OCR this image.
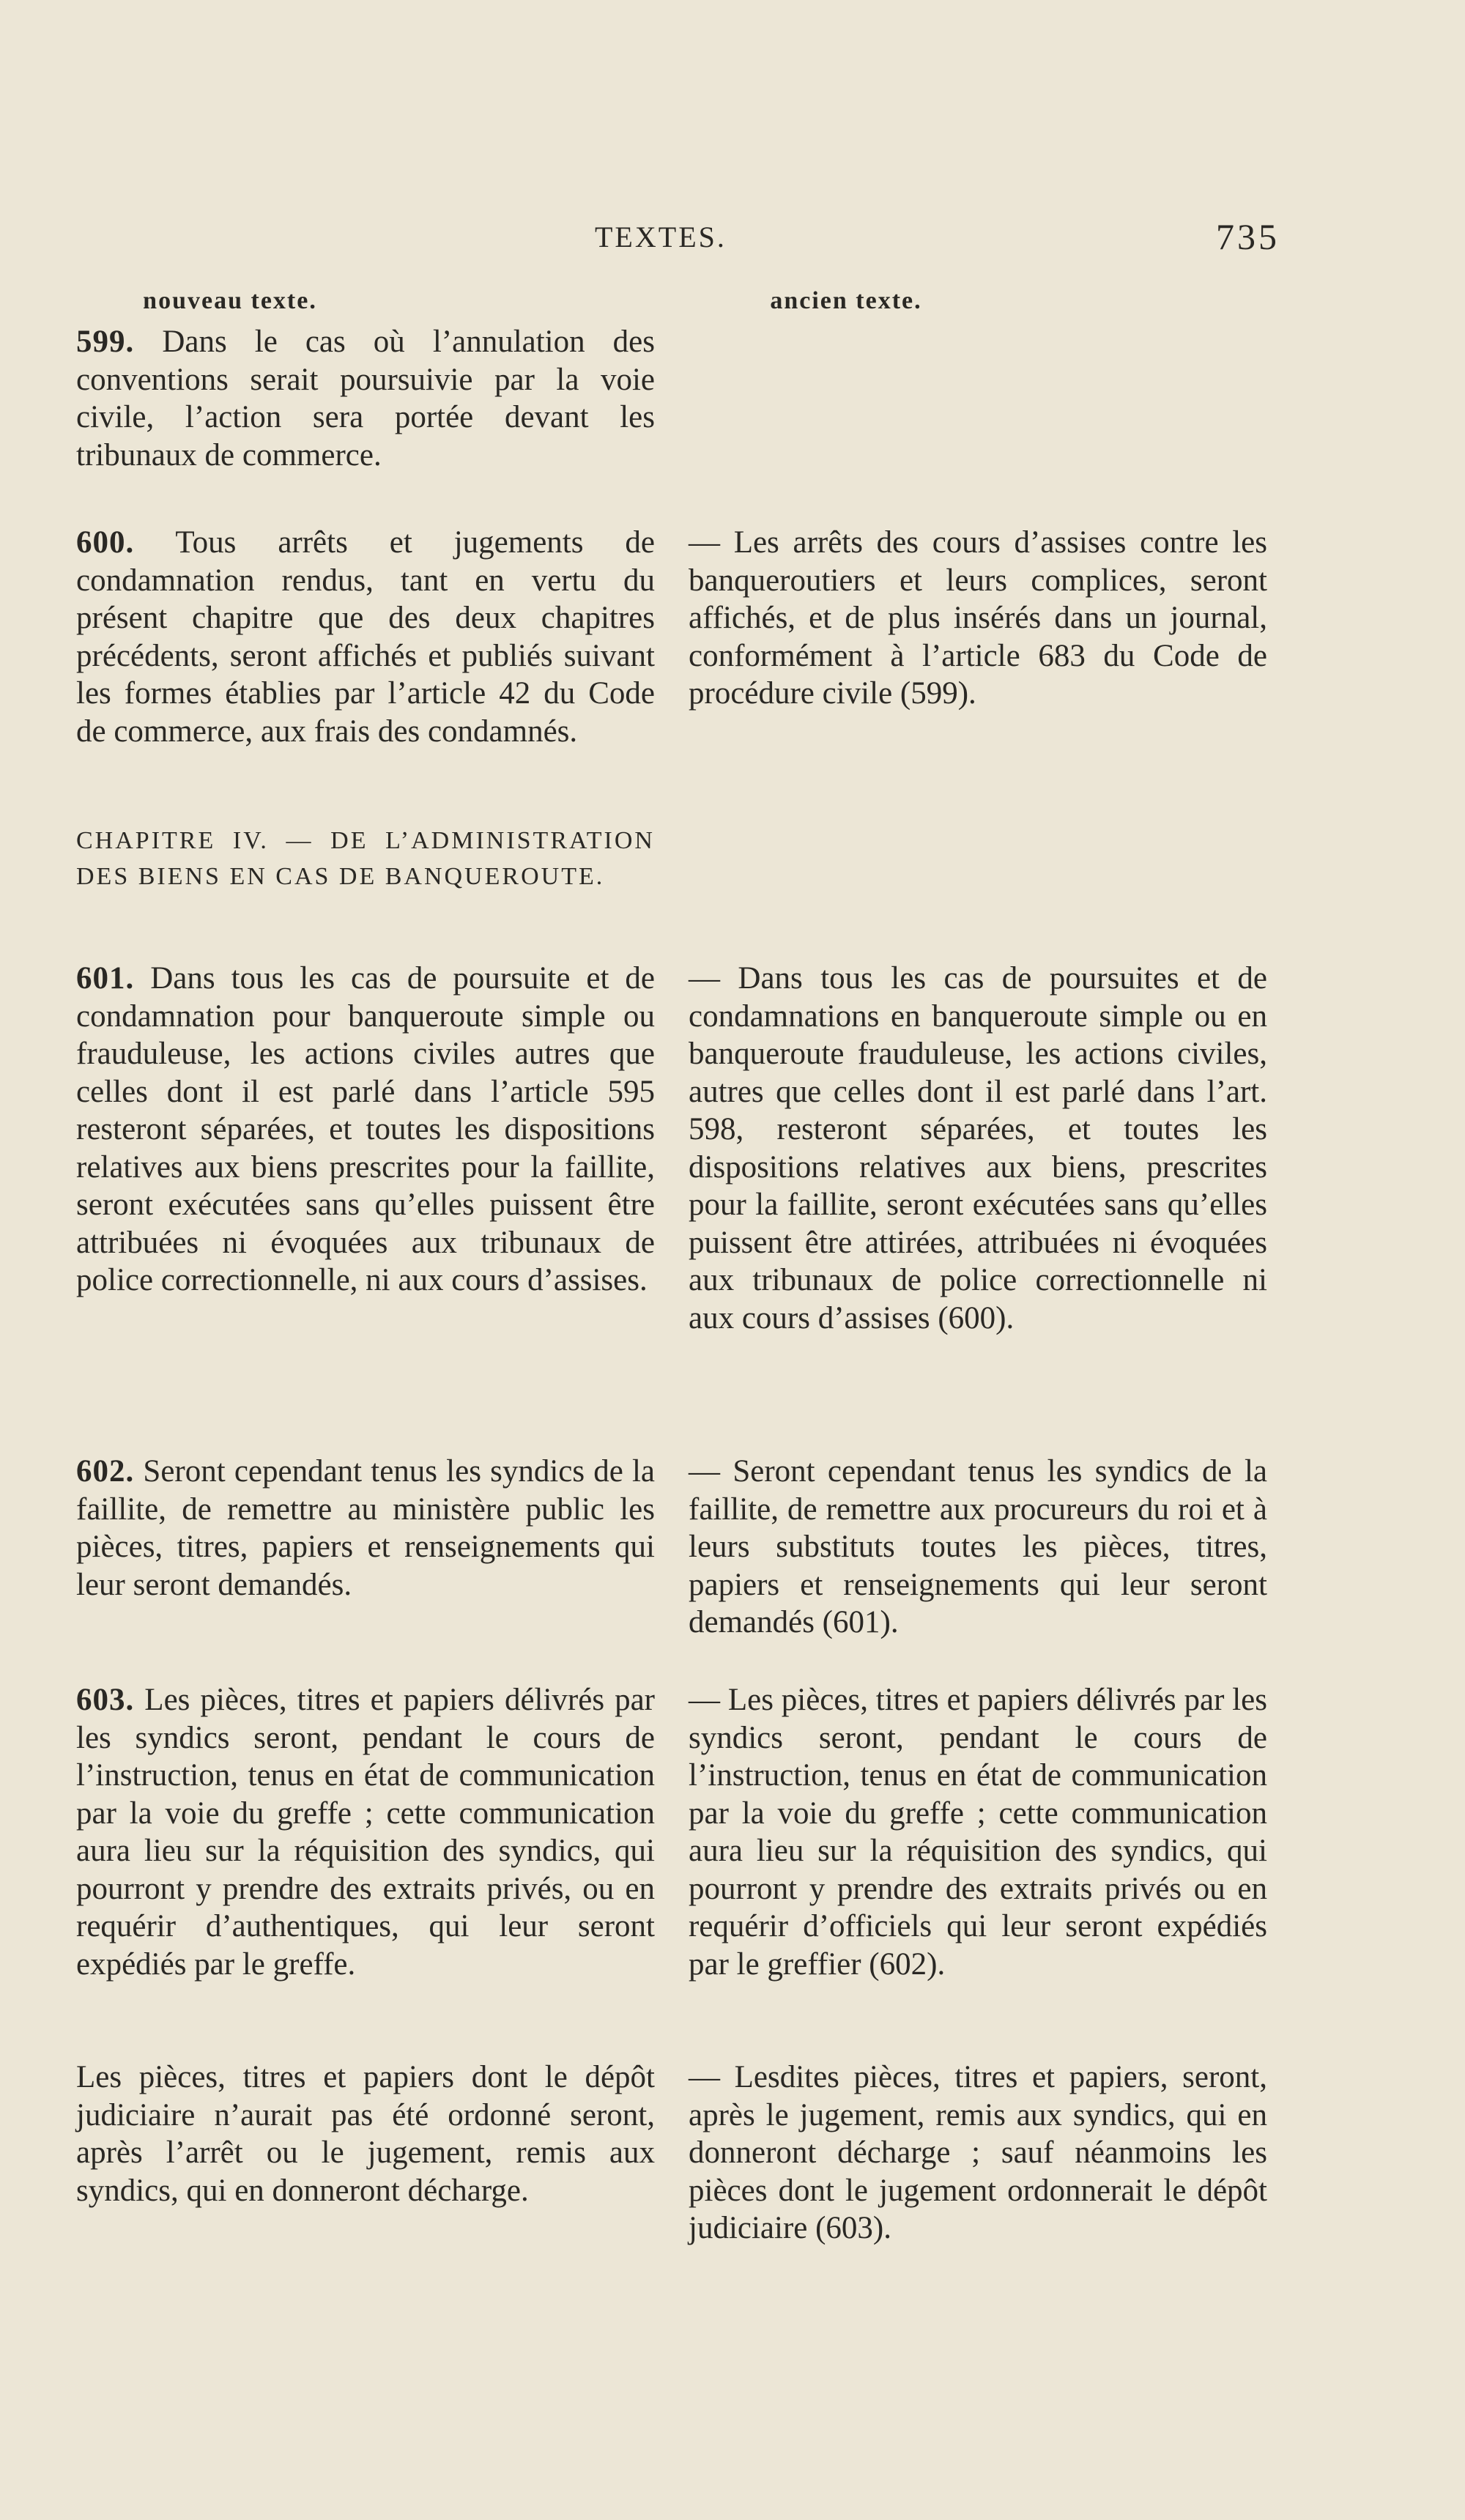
TEXTES.	735
nouveau texte.
599. Dans le cas où l’annulation des conventions serait poursuivie par la voie civile, l’action sera portée devant les tribunaux de commerce.
600. Tous arrêts et jugements de condamnation rendus, tant en vertu du présent chapitre que des deux chapitres précédents, seront affichés et publiés suivant les formes établies par l’article 42 du Code de commerce, aux frais des condamnés.
CHAPITRE IV. — DE L’ADMINISTRATION DES BIENS EN CAS DE BANQUEROUTE.
601. Dans tous les cas de poursuite et de condamnation pour banqueroute simple ou frauduleuse, les actions civiles autres que celles dont il est parlé dans l’article 595 resteront séparées, et toutes les dispositions relatives aux biens prescrites pour la faillite, seront exécutées sans qu’elles puissent être attribuées ni évoquées aux tribunaux de police correctionnelle, ni aux cours d’assises.
602. Seront cependant tenus les syndics de la faillite, de remettre au ministère public les pièces, titres, papiers et renseignements qui leur seront demandés.
603. Les pièces, titres et papiers délivrés par les syndics seront, pendant le cours de l’instruction, tenus en état de communication par la voie du greffe ; cette communication aura lieu sur la réquisition des syndics, qui pourront y prendre des extraits privés, ou en requérir d’authentiques, qui leur seront expédiés par le greffe.
Les pièces, titres et papiers dont le dépôt judiciaire n’aurait pas été ordonné seront, après l’arrêt ou le jugement, remis aux syndics, qui en donneront décharge.
ancien texte.
— Les arrêts des cours d’assises contre les banqueroutiers et leurs complices, seront affichés, et de plus insérés dans un journal, conformément à l’article 683 du Code de procédure civile (599).
— Dans tous les cas de poursuites et de condamnations en banqueroute simple ou en banqueroute frauduleuse, les actions civiles, autres que celles dont il est parlé dans l’art. 598, resteront séparées, et toutes les dispositions relatives aux biens, prescrites pour la faillite, seront exécutées sans qu’elles puissent être attirées, attribuées ni évoquées aux tribunaux de police correctionnelle ni aux cours d’assises (600).
— Seront cependant tenus les syndics de la faillite, de remettre aux procureurs du roi et à leurs substituts toutes les pièces, titres, papiers et renseignements qui leur seront demandés (601).
— Les pièces, titres et papiers délivrés par les syndics seront, pendant le cours de l’instruction, tenus en état de communication par la voie du greffe ; cette communication aura lieu sur la réquisition des syndics, qui pourront y prendre des extraits privés ou en requérir d’officiels qui leur seront expédiés par le greffier (602).
— Lesdites pièces, titres et papiers, seront, après le jugement, remis aux syndics, qui en donneront décharge ; sauf néanmoins les pièces dont le jugement ordonnerait le dépôt judiciaire (603).
